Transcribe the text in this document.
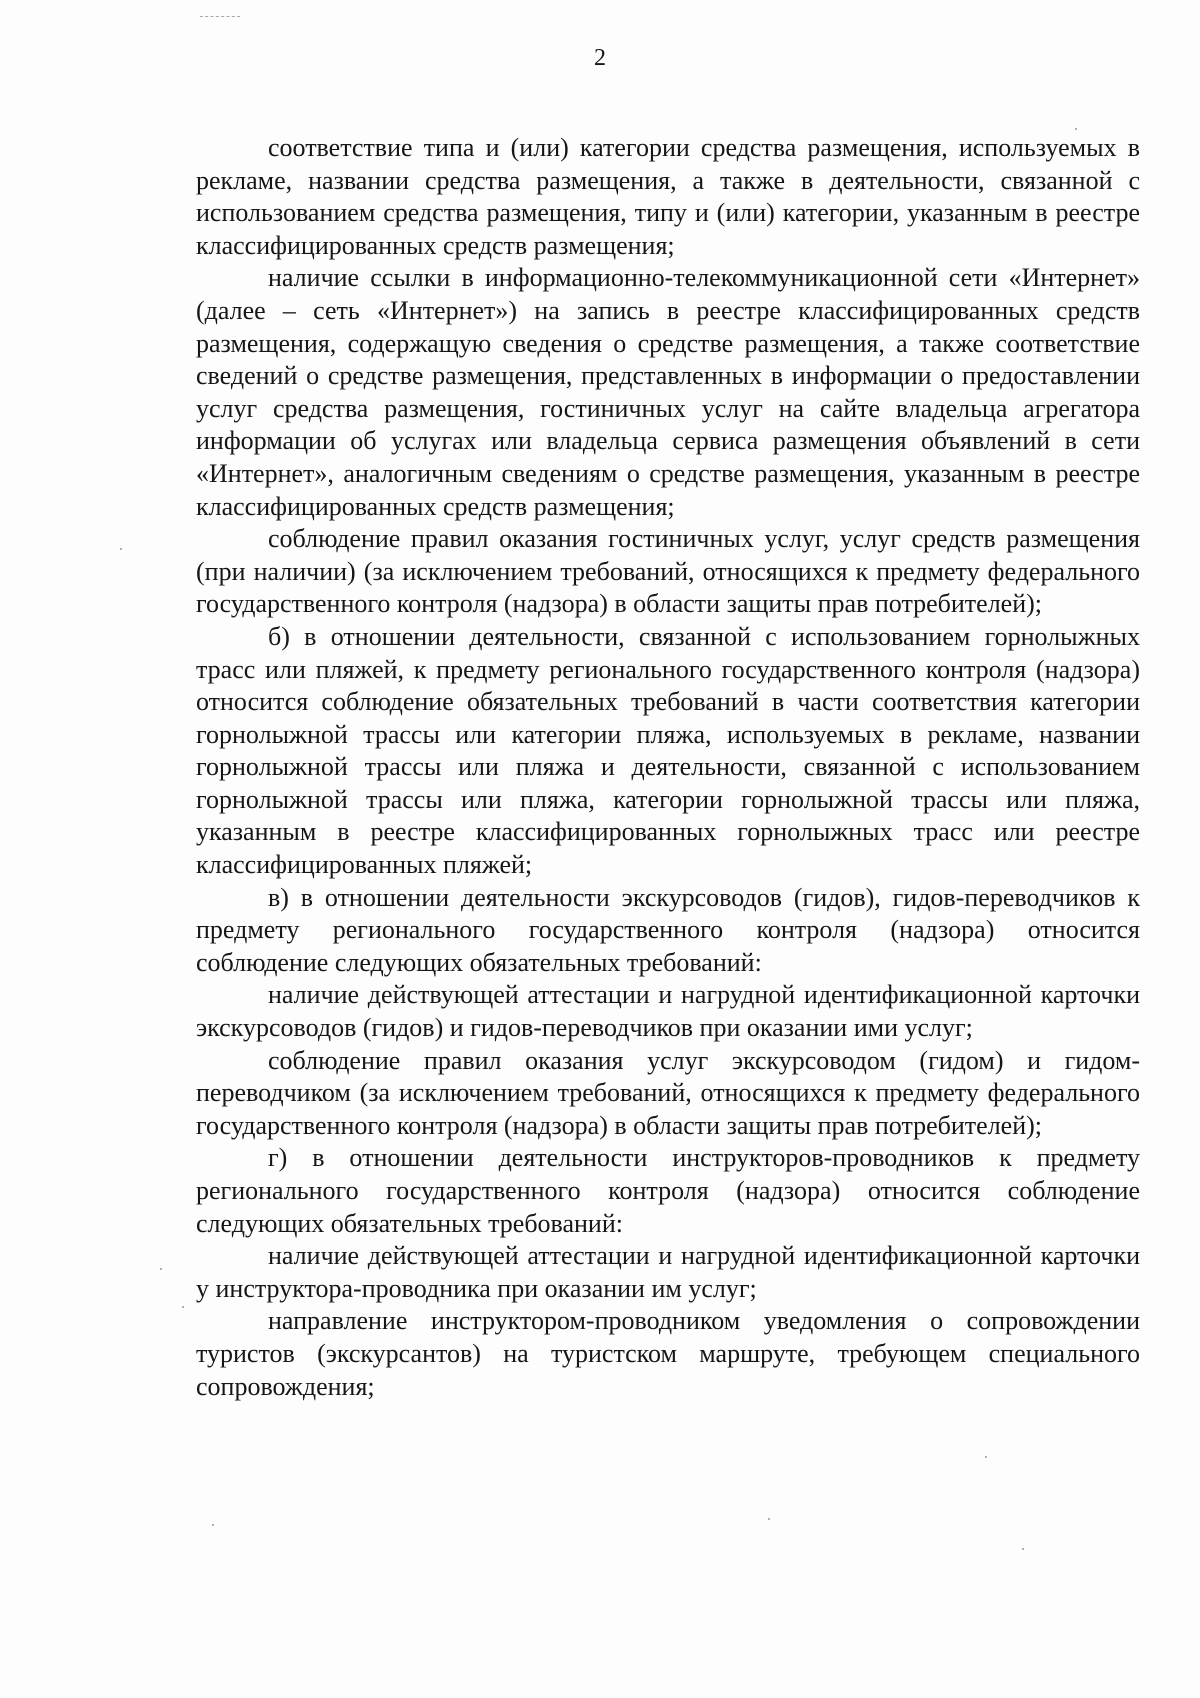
2

соответствие типа и (или) категории средства размещения, используемых в рекламе, названии средства размещения, а также в деятельности, связанной с использованием средства размещения, типу и (или) категории, указанным в реестре классифицированных средств размещения;

наличие ссылки в информационно-телекоммуникационной сети «Интернет» (далее – сеть «Интернет») на запись в реестре классифицированных средств размещения, содержащую сведения о средстве размещения, а также соответствие сведений о средстве размещения, представленных в информации о предоставлении услуг средства размещения, гостиничных услуг на сайте владельца агрегатора информации об услугах или владельца сервиса размещения объявлений в сети «Интернет», аналогичным сведениям о средстве размещения, указанным в реестре классифицированных средств размещения;

соблюдение правил оказания гостиничных услуг, услуг средств размещения (при наличии) (за исключением требований, относящихся к предмету федерального государственного контроля (надзора) в области защиты прав потребителей);

б) в отношении деятельности, связанной с использованием горнолыжных трасс или пляжей, к предмету регионального государственного контроля (надзора) относится соблюдение обязательных требований в части соответствия категории горнолыжной трассы или категории пляжа, используемых в рекламе, названии горнолыжной трассы или пляжа и деятельности, связанной с использованием горнолыжной трассы или пляжа, категории горнолыжной трассы или пляжа, указанным в реестре классифицированных горнолыжных трасс или реестре классифицированных пляжей;

в) в отношении деятельности экскурсоводов (гидов), гидов-переводчиков к предмету регионального государственного контроля (надзора) относится соблюдение следующих обязательных требований:

наличие действующей аттестации и нагрудной идентификационной карточки экскурсоводов (гидов) и гидов-переводчиков при оказании ими услуг;

соблюдение правил оказания услуг экскурсоводом (гидом) и гидом-переводчиком (за исключением требований, относящихся к предмету федерального государственного контроля (надзора) в области защиты прав потребителей);

г) в отношении деятельности инструкторов-проводников к предмету регионального государственного контроля (надзора) относится соблюдение следующих обязательных требований:

наличие действующей аттестации и нагрудной идентификационной карточки у инструктора-проводника при оказании им услуг;

направление инструктором-проводником уведомления о сопровождении туристов (экскурсантов) на туристском маршруте, требующем специального сопровождения;
